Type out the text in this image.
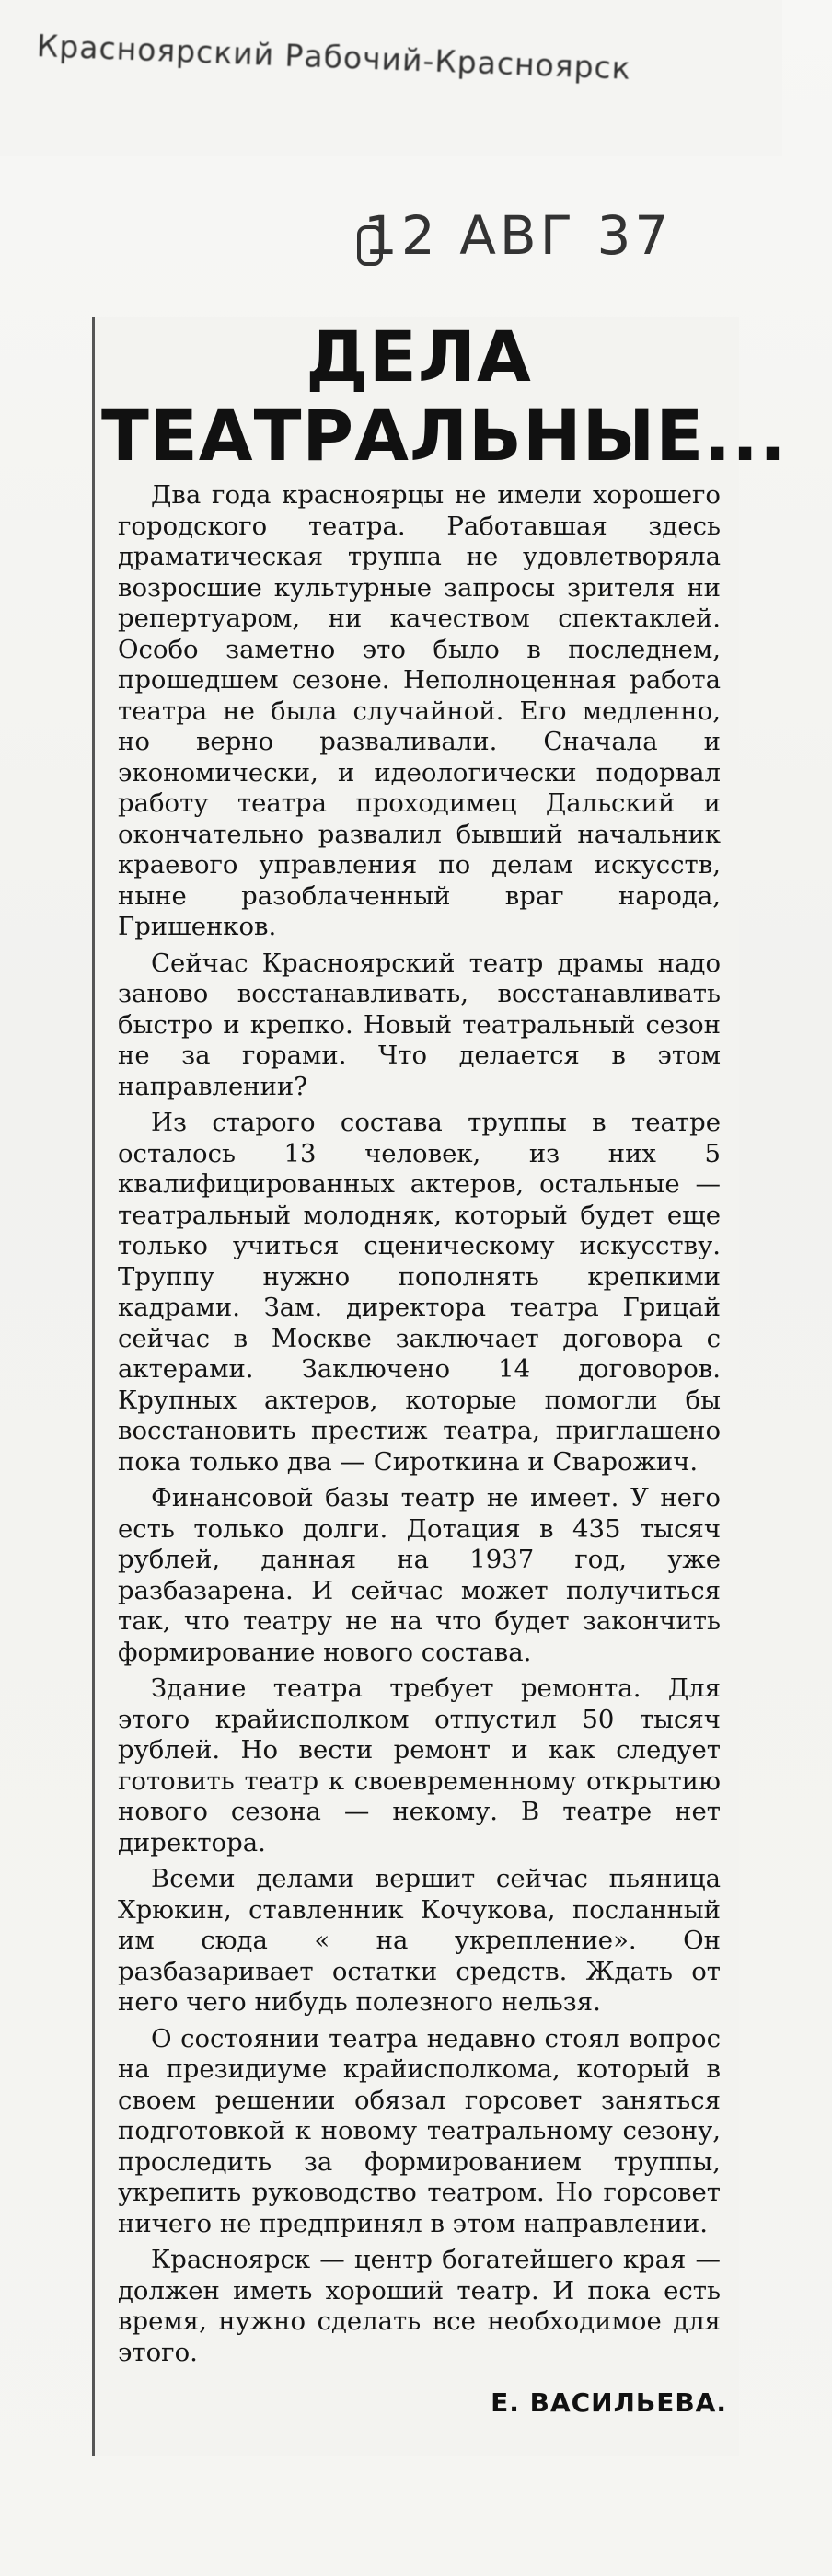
Красноярский Рабочий-Красноярск
12 АВГ 37
ДЕЛА ТЕАТРАЛЬНЫЕ...

Два года красноярцы не имели хорошего городского театра. Работавшая здесь драматическая труппа не удовлетворяла возросшие культурные запросы зрителя ни репертуаром, ни качеством спектаклей. Особо заметно это было в последнем, прошедшем сезоне. Неполноценная работа театра не была случайной. Его медленно, но верно разваливали. Сначала и экономически, и идеологически подорвал работу театра проходимец Дальский и окончательно развалил бывший начальник краевого управления по делам искусств, ныне разоблаченный враг народа, Гришенков.

Сейчас Красноярский театр драмы надо заново восстанавливать, восстанавливать быстро и крепко. Новый театральный сезон не за горами. Что делается в этом направлении?

Из старого состава труппы в театре осталось 13 человек, из них 5 квалифицированных актеров, остальные — театральный молодняк, который будет еще только учиться сценическому искусству. Труппу нужно пополнять крепкими кадрами. Зам. директора театра Грицай сейчас в Москве заключает договора с актерами. Заключено 14 договоров. Крупных актеров, которые помогли бы восстановить престиж театра, приглашено пока только два — Сироткина и Сварожич.

Финансовой базы театр не имеет. У него есть только долги. Дотация в 435 тысяч рублей, данная на 1937 год, уже разбазарена. И сейчас может получиться так, что театру не на что будет закончить формирование нового состава.

Здание театра требует ремонта. Для этого крайисполком отпустил 50 тысяч рублей. Но вести ремонт и как следует готовить театр к своевременному открытию нового сезона — некому. В театре нет директора.

Всеми делами вершит сейчас пьяница Хрюкин, ставленник Кочукова, посланный им сюда « на укрепление». Он разбазаривает остатки средств. Ждать от него чего нибудь полезного нельзя.

О состоянии театра недавно стоял вопрос на президиуме крайисполкома, который в своем решении обязал горсовет заняться подготовкой к новому театральному сезону, проследить за формированием труппы, укрепить руководство театром. Но горсовет ничего не предпринял в этом направлении.

Красноярск — центр богатейшего края — должен иметь хороший театр. И пока есть время, нужно сделать все необходимое для этого.

Е. ВАСИЛЬЕВА.
